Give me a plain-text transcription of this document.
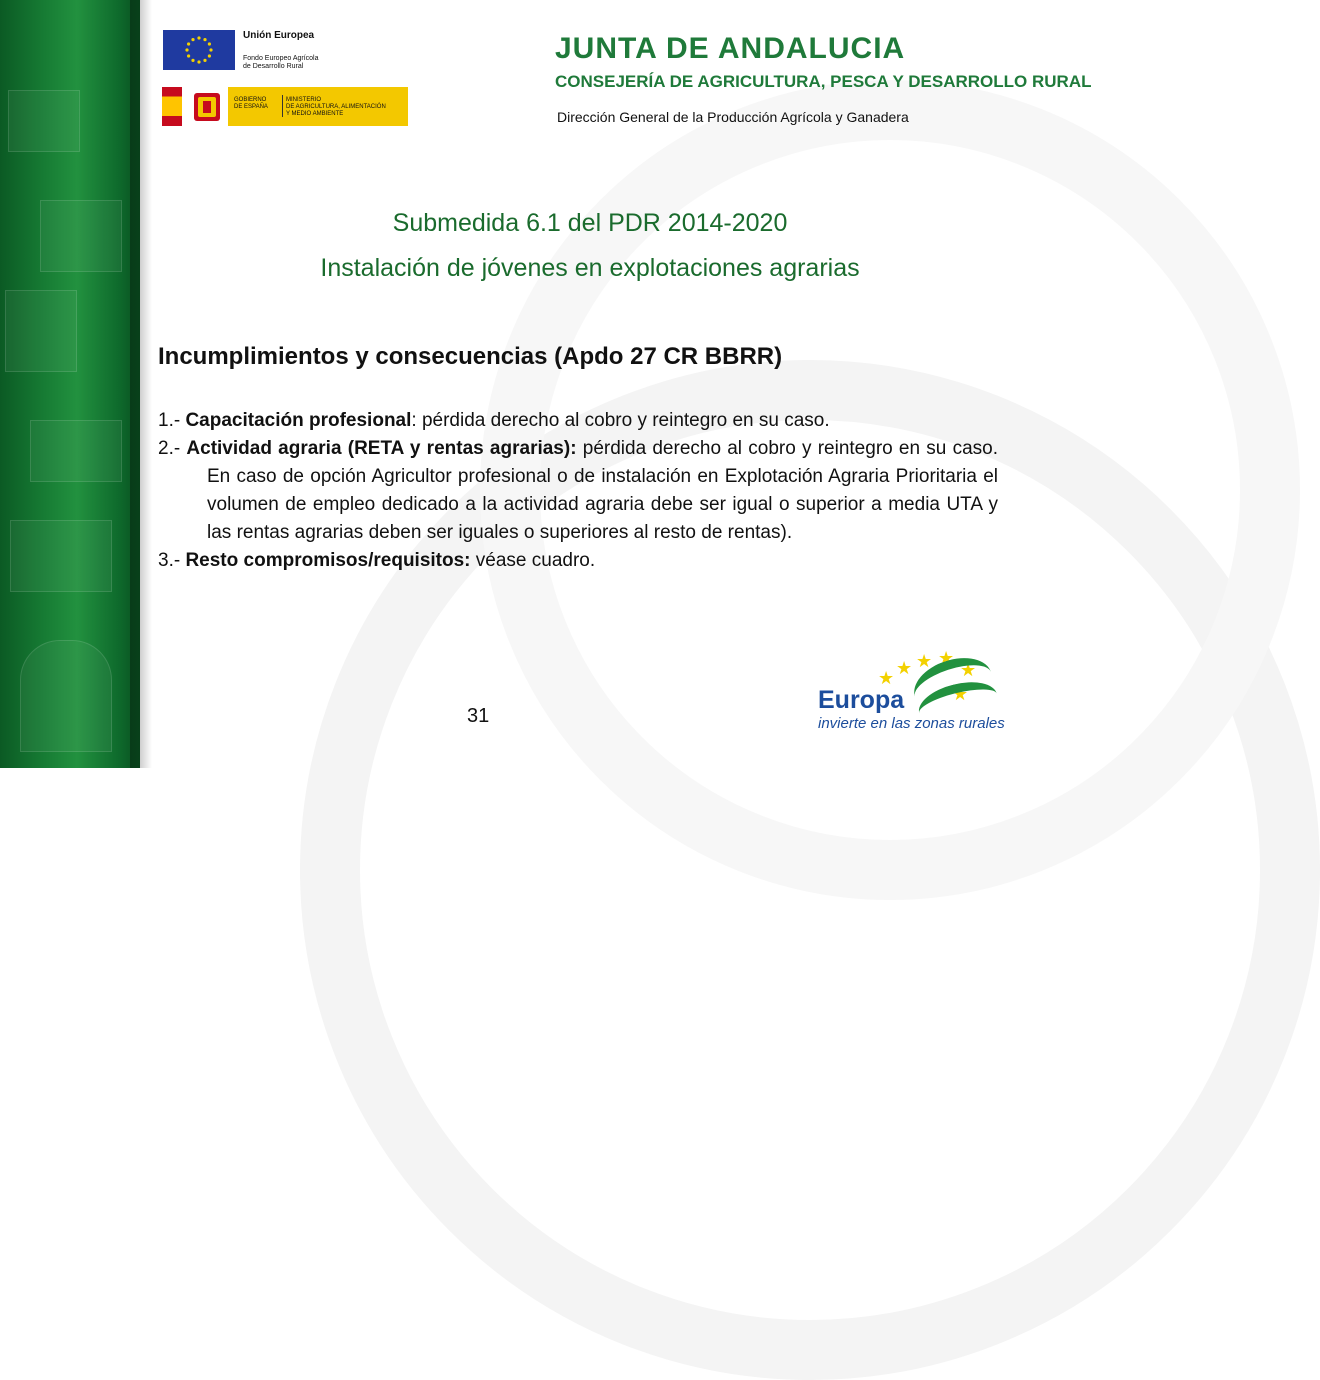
Unión Europea
Fondo Europeo Agrícola
de Desarrollo Rural
GOBIERNO
DE ESPAÑA
MINISTERIO
DE AGRICULTURA, ALIMENTACIÓN
Y MEDIO AMBIENTE
JUNTA DE ANDALUCIA
CONSEJERÍA DE AGRICULTURA, PESCA Y DESARROLLO RURAL
Dirección General de la Producción Agrícola y Ganadera
Submedida 6.1 del PDR 2014-2020
Instalación de jóvenes en explotaciones agrarias
Incumplimientos y consecuencias (Apdo 27 CR BBRR)

1.- Capacitación profesional: pérdida derecho al cobro y reintegro en su caso.

2.- Actividad agraria (RETA y rentas agrarias): pérdida derecho al cobro y reintegro en su caso. En caso de opción Agricultor profesional o de instalación en Explotación Agraria Prioritaria el volumen de empleo dedicado a la actividad agraria debe ser igual o superior a media UTA y las rentas agrarias deben ser iguales o superiores al resto de rentas).

3.- Resto compromisos/requisitos: véase cuadro.

31
★ ★ ★ ★
★
★
Europa
invierte en las zonas rurales
